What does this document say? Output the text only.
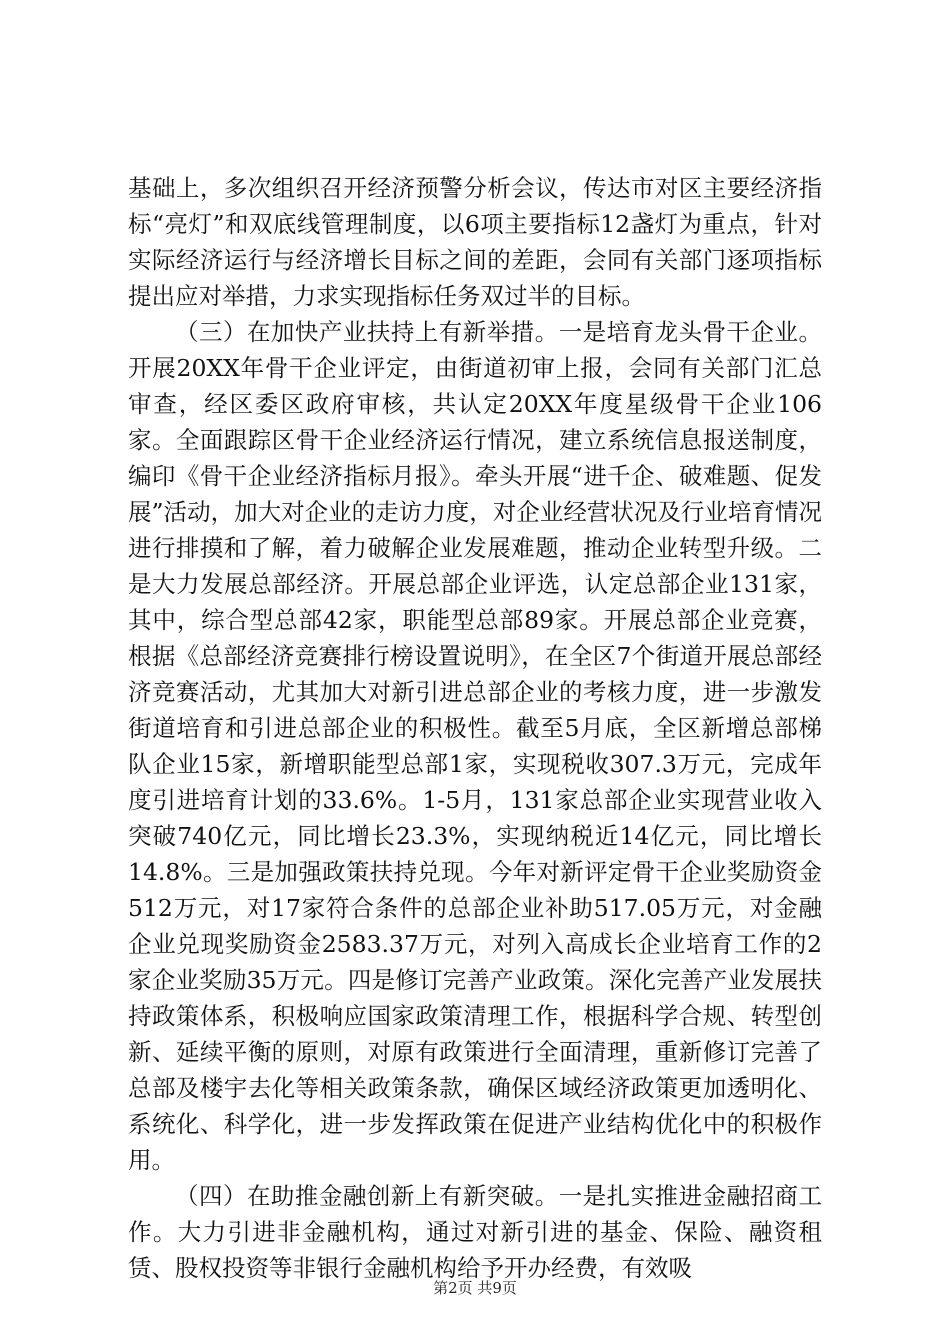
基础上，多次组织召开经济预警分析会议，传达市对区主要经济指标“亮灯”和双底线管理制度，以6项主要指标12盏灯为重点，针对实际经济运行与经济增长目标之间的差距，会同有关部门逐项指标提出应对举措，力求实现指标任务双过半的目标。

（三）在加快产业扶持上有新举措。一是培育龙头骨干企业。开展20XX年骨干企业评定，由街道初审上报，会同有关部门汇总审查，经区委区政府审核，共认定20XX年度星级骨干企业106家。全面跟踪区骨干企业经济运行情况，建立系统信息报送制度，编印《骨干企业经济指标月报》。牵头开展“进千企、破难题、促发展”活动，加大对企业的走访力度，对企业经营状况及行业培育情况进行排摸和了解，着力破解企业发展难题，推动企业转型升级。二是大力发展总部经济。开展总部企业评选，认定总部企业131家，其中，综合型总部42家，职能型总部89家。开展总部企业竞赛，根据《总部经济竞赛排行榜设置说明》，在全区7个街道开展总部经济竞赛活动，尤其加大对新引进总部企业的考核力度，进一步激发街道培育和引进总部企业的积极性。截至5月底，全区新增总部梯队企业15家，新增职能型总部1家，实现税收307.3万元，完成年度引进培育计划的33.6%。1-5月，131家总部企业实现营业收入突破740亿元，同比增长23.3%，实现纳税近14亿元，同比增长14.8%。三是加强政策扶持兑现。今年对新评定骨干企业奖励资金512万元，对17家符合条件的总部企业补助517.05万元，对金融企业兑现奖励资金2583.37万元，对列入高成长企业培育工作的2家企业奖励35万元。四是修订完善产业政策。深化完善产业发展扶持政策体系，积极响应国家政策清理工作，根据科学合规、转型创新、延续平衡的原则，对原有政策进行全面清理，重新修订完善了总部及楼宇去化等相关政策条款，确保区域经济政策更加透明化、系统化、科学化，进一步发挥政策在促进产业结构优化中的积极作用。

（四）在助推金融创新上有新突破。一是扎实推进金融招商工作。大力引进非金融机构，通过对新引进的基金、保险、融资租赁、股权投资等非银行金融机构给予开办经费，有效吸

第2页 共9页
